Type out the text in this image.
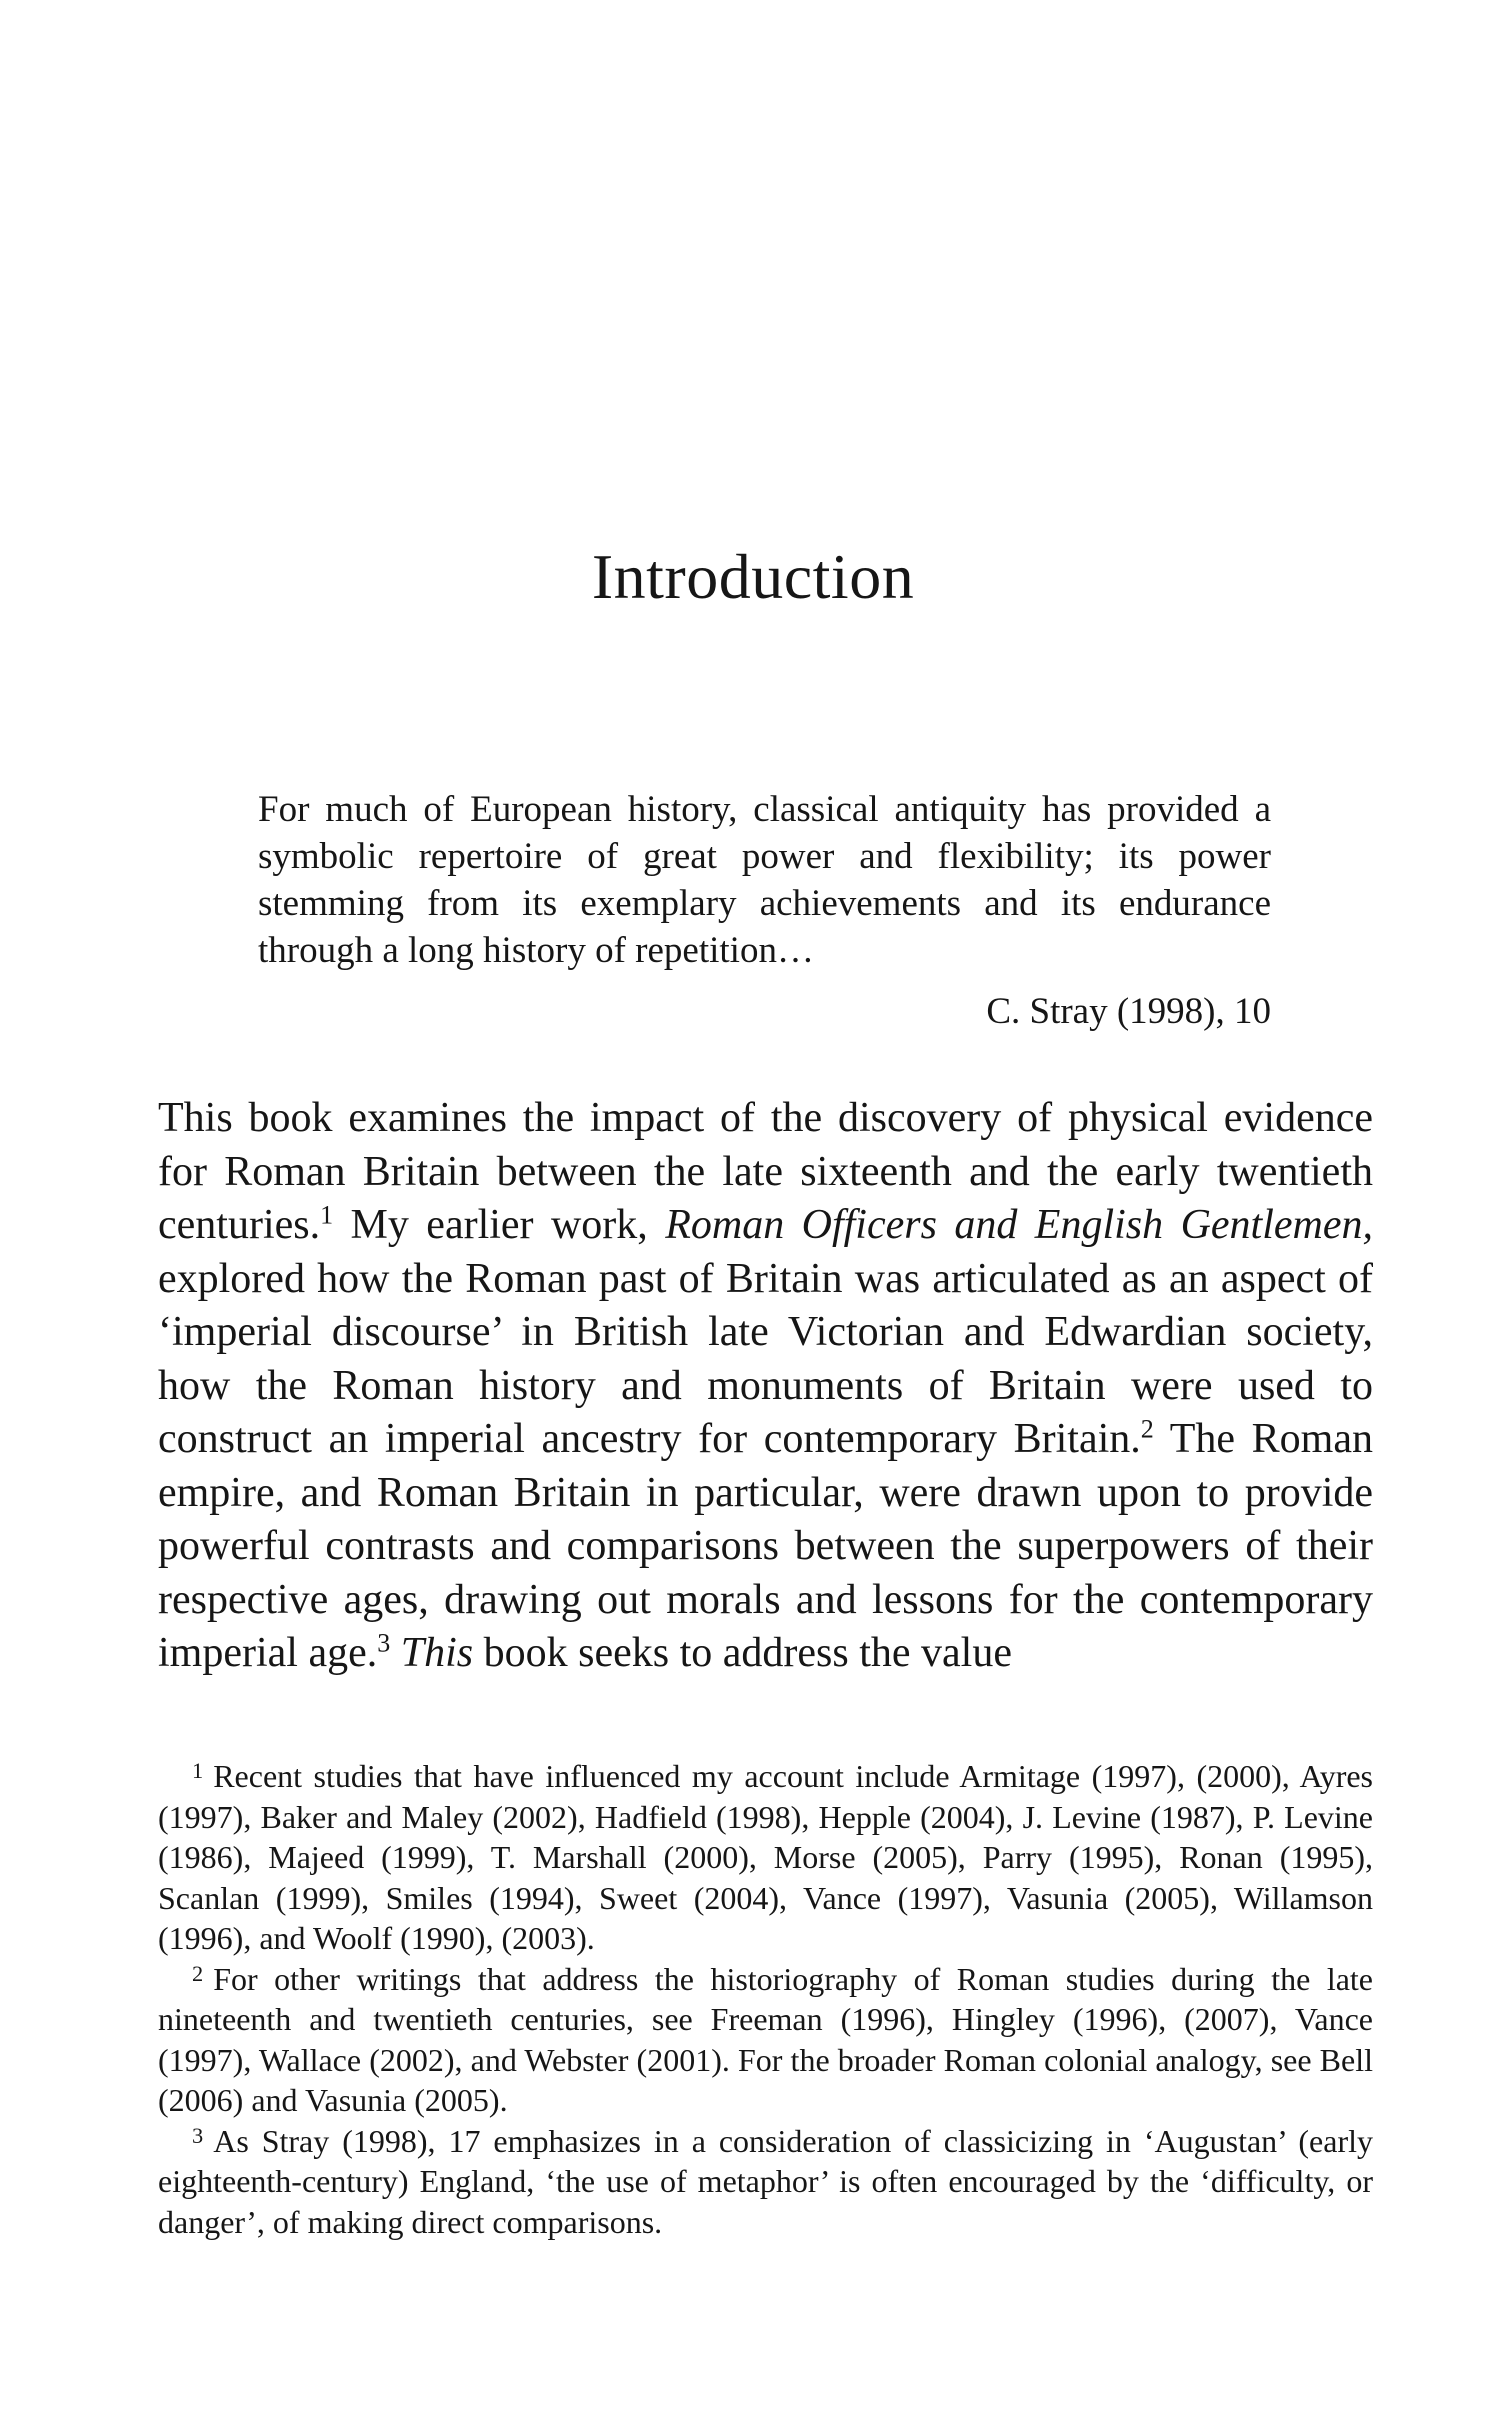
Introduction

For much of European history, classical antiquity has provided a symbolic repertoire of great power and flexibility; its power stemming from its exemplary achievements and its endurance through a long history of repetition…

C. Stray (1998), 10

This book examines the impact of the discovery of physical evidence for Roman Britain between the late sixteenth and the early twentieth centuries.$^1$ My earlier work, Roman Officers and English Gentlemen, explored how the Roman past of Britain was articulated as an aspect of ‘imperial discourse’ in British late Victorian and Edwardian society, how the Roman history and monuments of Britain were used to construct an imperial ancestry for contemporary Britain.$^2$ The Roman empire, and Roman Britain in particular, were drawn upon to provide powerful contrasts and comparisons between the superpowers of their respective ages, drawing out morals and lessons for the contemporary imperial age.$^3$ This book seeks to address the value

$^1$ Recent studies that have influenced my account include Armitage (1997), (2000), Ayres (1997), Baker and Maley (2002), Hadfield (1998), Hepple (2004), J. Levine (1987), P. Levine (1986), Majeed (1999), T. Marshall (2000), Morse (2005), Parry (1995), Ronan (1995), Scanlan (1999), Smiles (1994), Sweet (2004), Vance (1997), Vasunia (2005), Willamson (1996), and Woolf (1990), (2003).

$^2$ For other writings that address the historiography of Roman studies during the late nineteenth and twentieth centuries, see Freeman (1996), Hingley (1996), (2007), Vance (1997), Wallace (2002), and Webster (2001). For the broader Roman colonial analogy, see Bell (2006) and Vasunia (2005).

$^3$ As Stray (1998), 17 emphasizes in a consideration of classicizing in ‘Augustan’ (early eighteenth-century) England, ‘the use of metaphor’ is often encouraged by the ‘difficulty, or danger’, of making direct comparisons.
